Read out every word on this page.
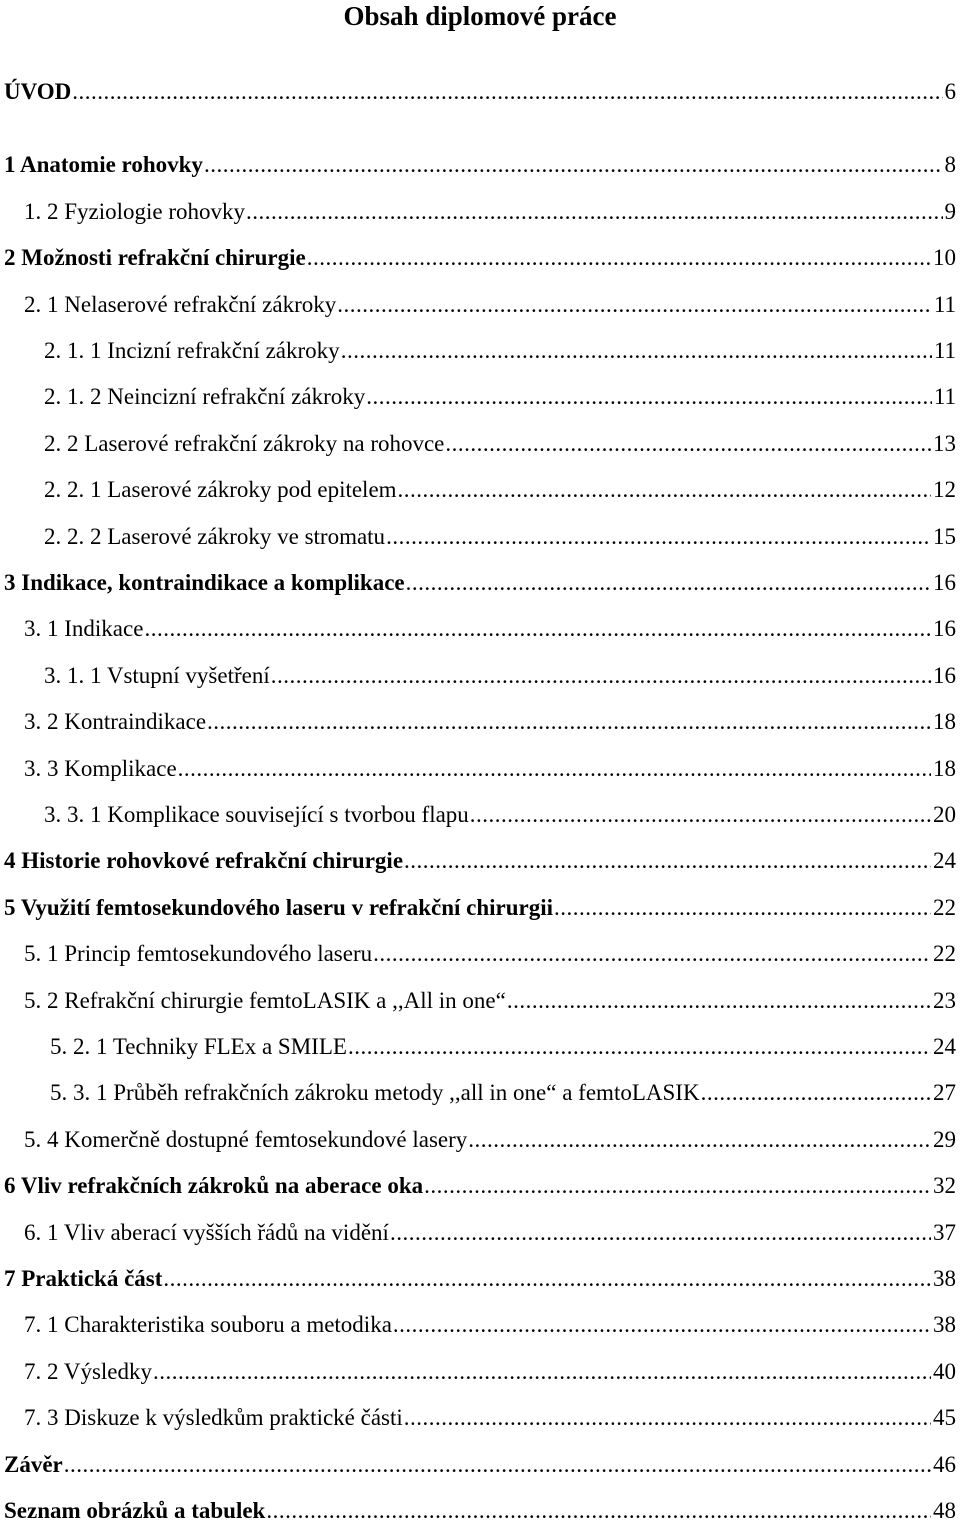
Obsah diplomové práce
ÚVOD .....	6
1 Anatomie rohovky .....	8
1. 2 Fyziologie rohovky .....	9
2 Možnosti refrakční chirurgie .....	10
2. 1 Nelaserové refrakční zákroky .....	11
2. 1. 1 Incizní refrakční zákroky .....	11
2. 1. 2 Neincizní refrakční zákroky .....	11
2. 2 Laserové refrakční zákroky na rohovce .....	13
2. 2. 1 Laserové zákroky pod epitelem .....	12
2. 2. 2 Laserové zákroky ve stromatu .....	15
3 Indikace, kontraindikace a komplikace .....	16
3. 1 Indikace .....	16
3. 1. 1 Vstupní vyšetření .....	16
3. 2 Kontraindikace .....	18
3. 3 Komplikace .....	18
3. 3. 1 Komplikace související s tvorbou flapu .....	20
4 Historie rohovkové refrakční chirurgie .....	24
5 Využití femtosekundového laseru v refrakční chirurgii .....	22
5. 1 Princip femtosekundového laseru .....	22
5. 2 Refrakční chirurgie femtoLASIK a ,,All in one“ .....	23
5. 2. 1 Techniky FLEx a SMILE .....	24
5. 3. 1 Průběh refrakčních zákroku metody ,,all in one“ a femtoLASIK .....	27
5. 4 Komerčně dostupné femtosekundové lasery .....	29
6 Vliv refrakčních zákroků na aberace oka .....	32
6. 1 Vliv aberací vyšších řádů na vidění .....	37
7 Praktická část .....	38
7. 1 Charakteristika souboru a metodika .....	38
7. 2 Výsledky .....	40
7. 3 Diskuze k výsledkům praktické části .....	45
Závěr .....	46
Seznam obrázků a tabulek .....	48
